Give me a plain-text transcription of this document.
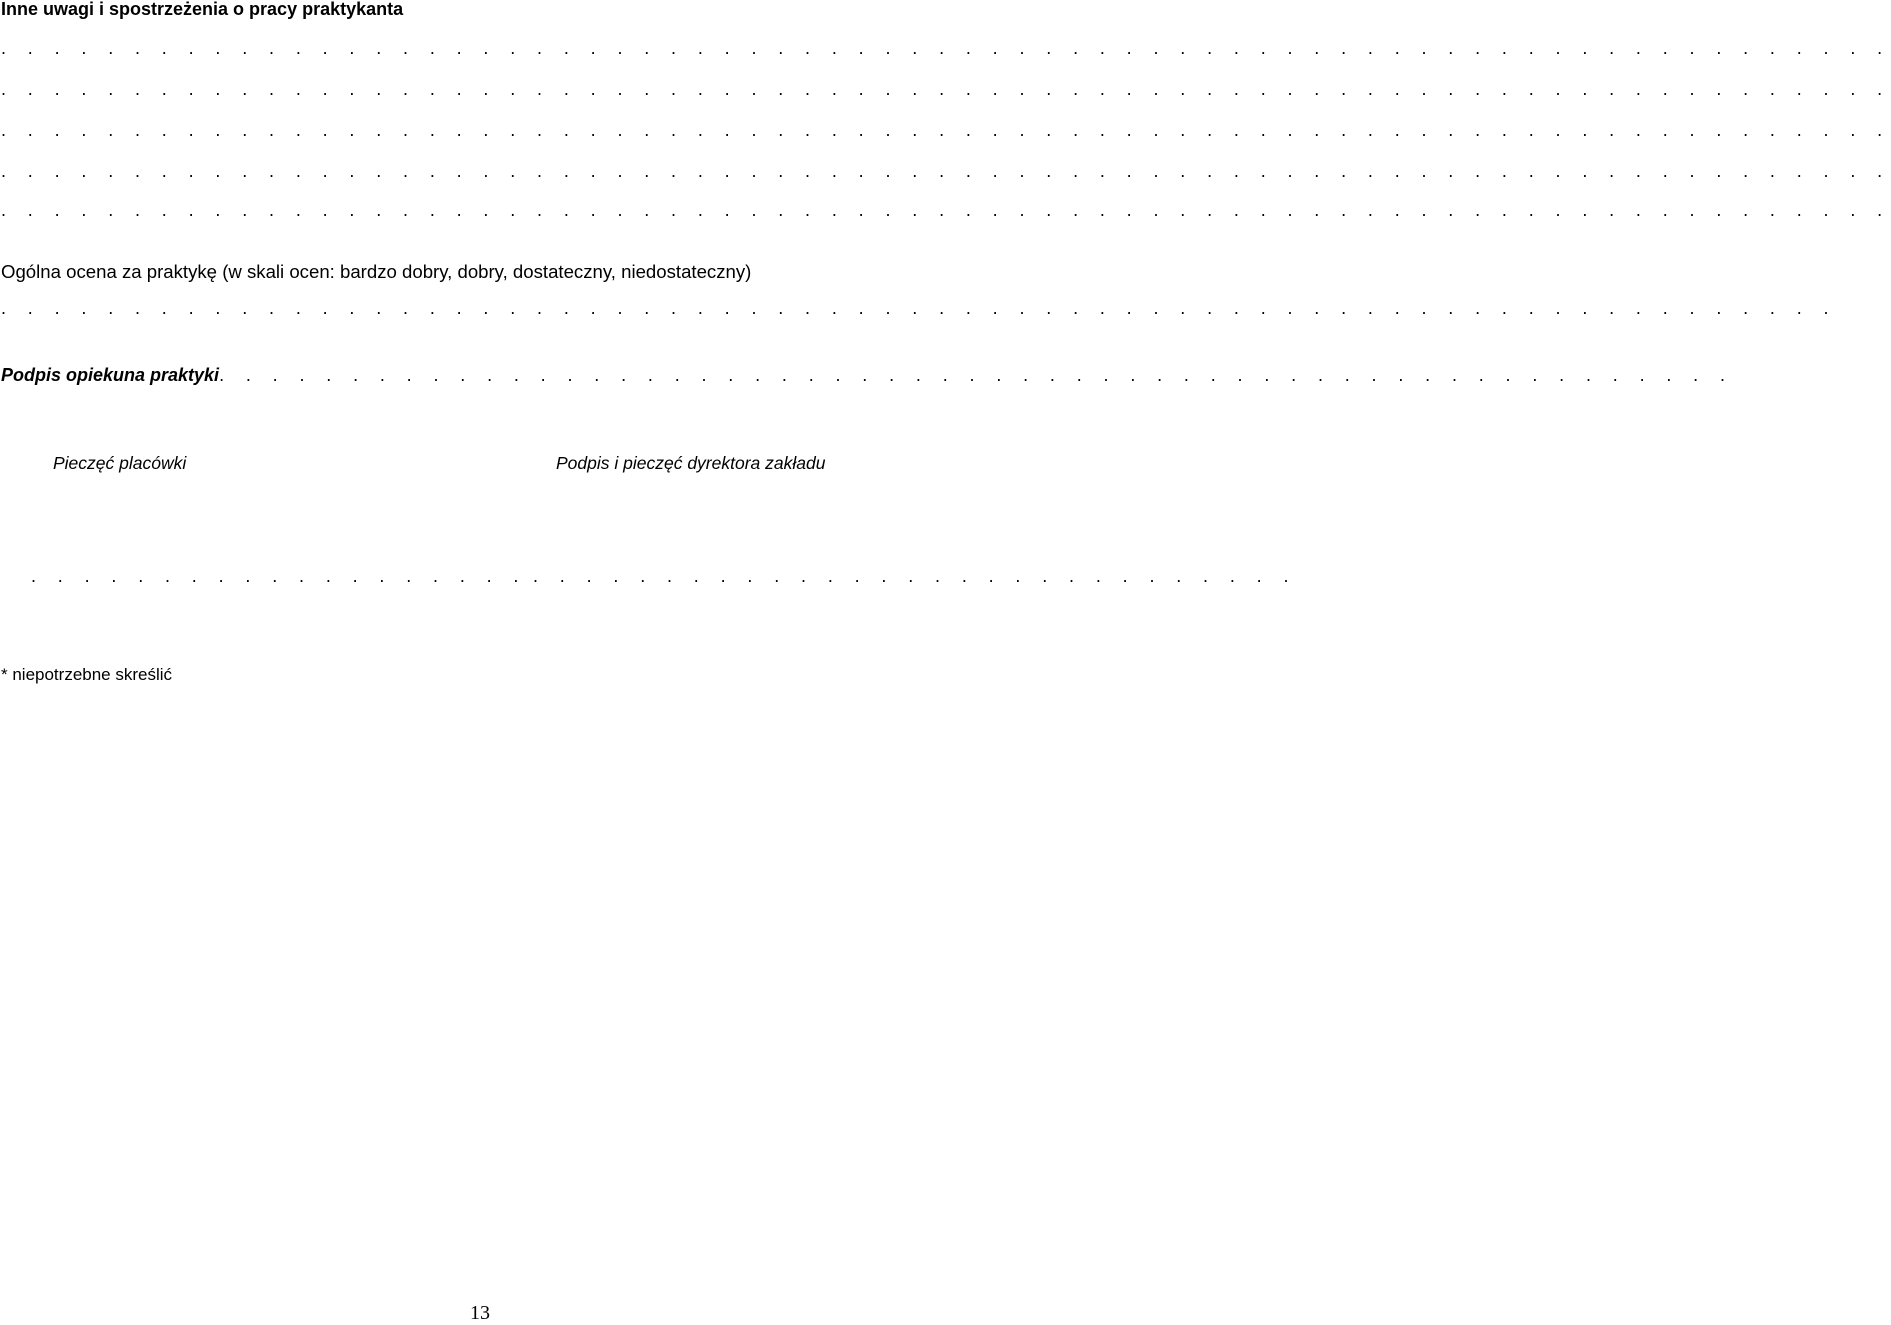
Inne uwagi i spostrzeżenia o pracy praktykanta
. . . . . . . . . . . . . . . . . . . . . . . . . . . . . . . . . . . . . . . . . . . . . . . . . . . . . . . . . . . . . . . . . . . . . . .
. . . . . . . . . . . . . . . . . . . . . . . . . . . . . . . . . . . . . . . . . . . . . . . . . . . . . . . . . . . . . . . . . . . . . . .
. . . . . . . . . . . . . . . . . . . . . . . . . . . . . . . . . . . . . . . . . . . . . . . . . . . . . . . . . . . . . . . . . . . . . . .
. . . . . . . . . . . . . . . . . . . . . . . . . . . . . . . . . . . . . . . . . . . . . . . . . . . . . . . . . . . . . . . . . . . . . . .
. . . . . . . . . . . . . . . . . . . . . . . . . . . . . . . . . . . . . . . . . . . . . . . . . . . . . . . . . . . . . . . . . . . . . . .
Ogólna ocena za praktykę (w skali ocen: bardzo dobry, dobry, dostateczny, niedostateczny)
. . . . . . . . . . . . . . . . . . . . . . . . . . . . . . . . . . . . . . . . . . . . . . . . . . . . . . . . . . . . . . . . . . . . .
Podpis opiekuna praktyki. . . . . . . . . . . . . . . . . . . . . . . . . . . . . . . . . . . . . . . . . . . . . . . . . . . . . . . . .
Pieczęć placówki	Podpis i pieczęć dyrektora zakładu
. . . . . . . . . . . . . . . . . . . . . . . . . . . . . . . . . . . . . . . . . . . . . . . .
* niepotrzebne skreślić
13
